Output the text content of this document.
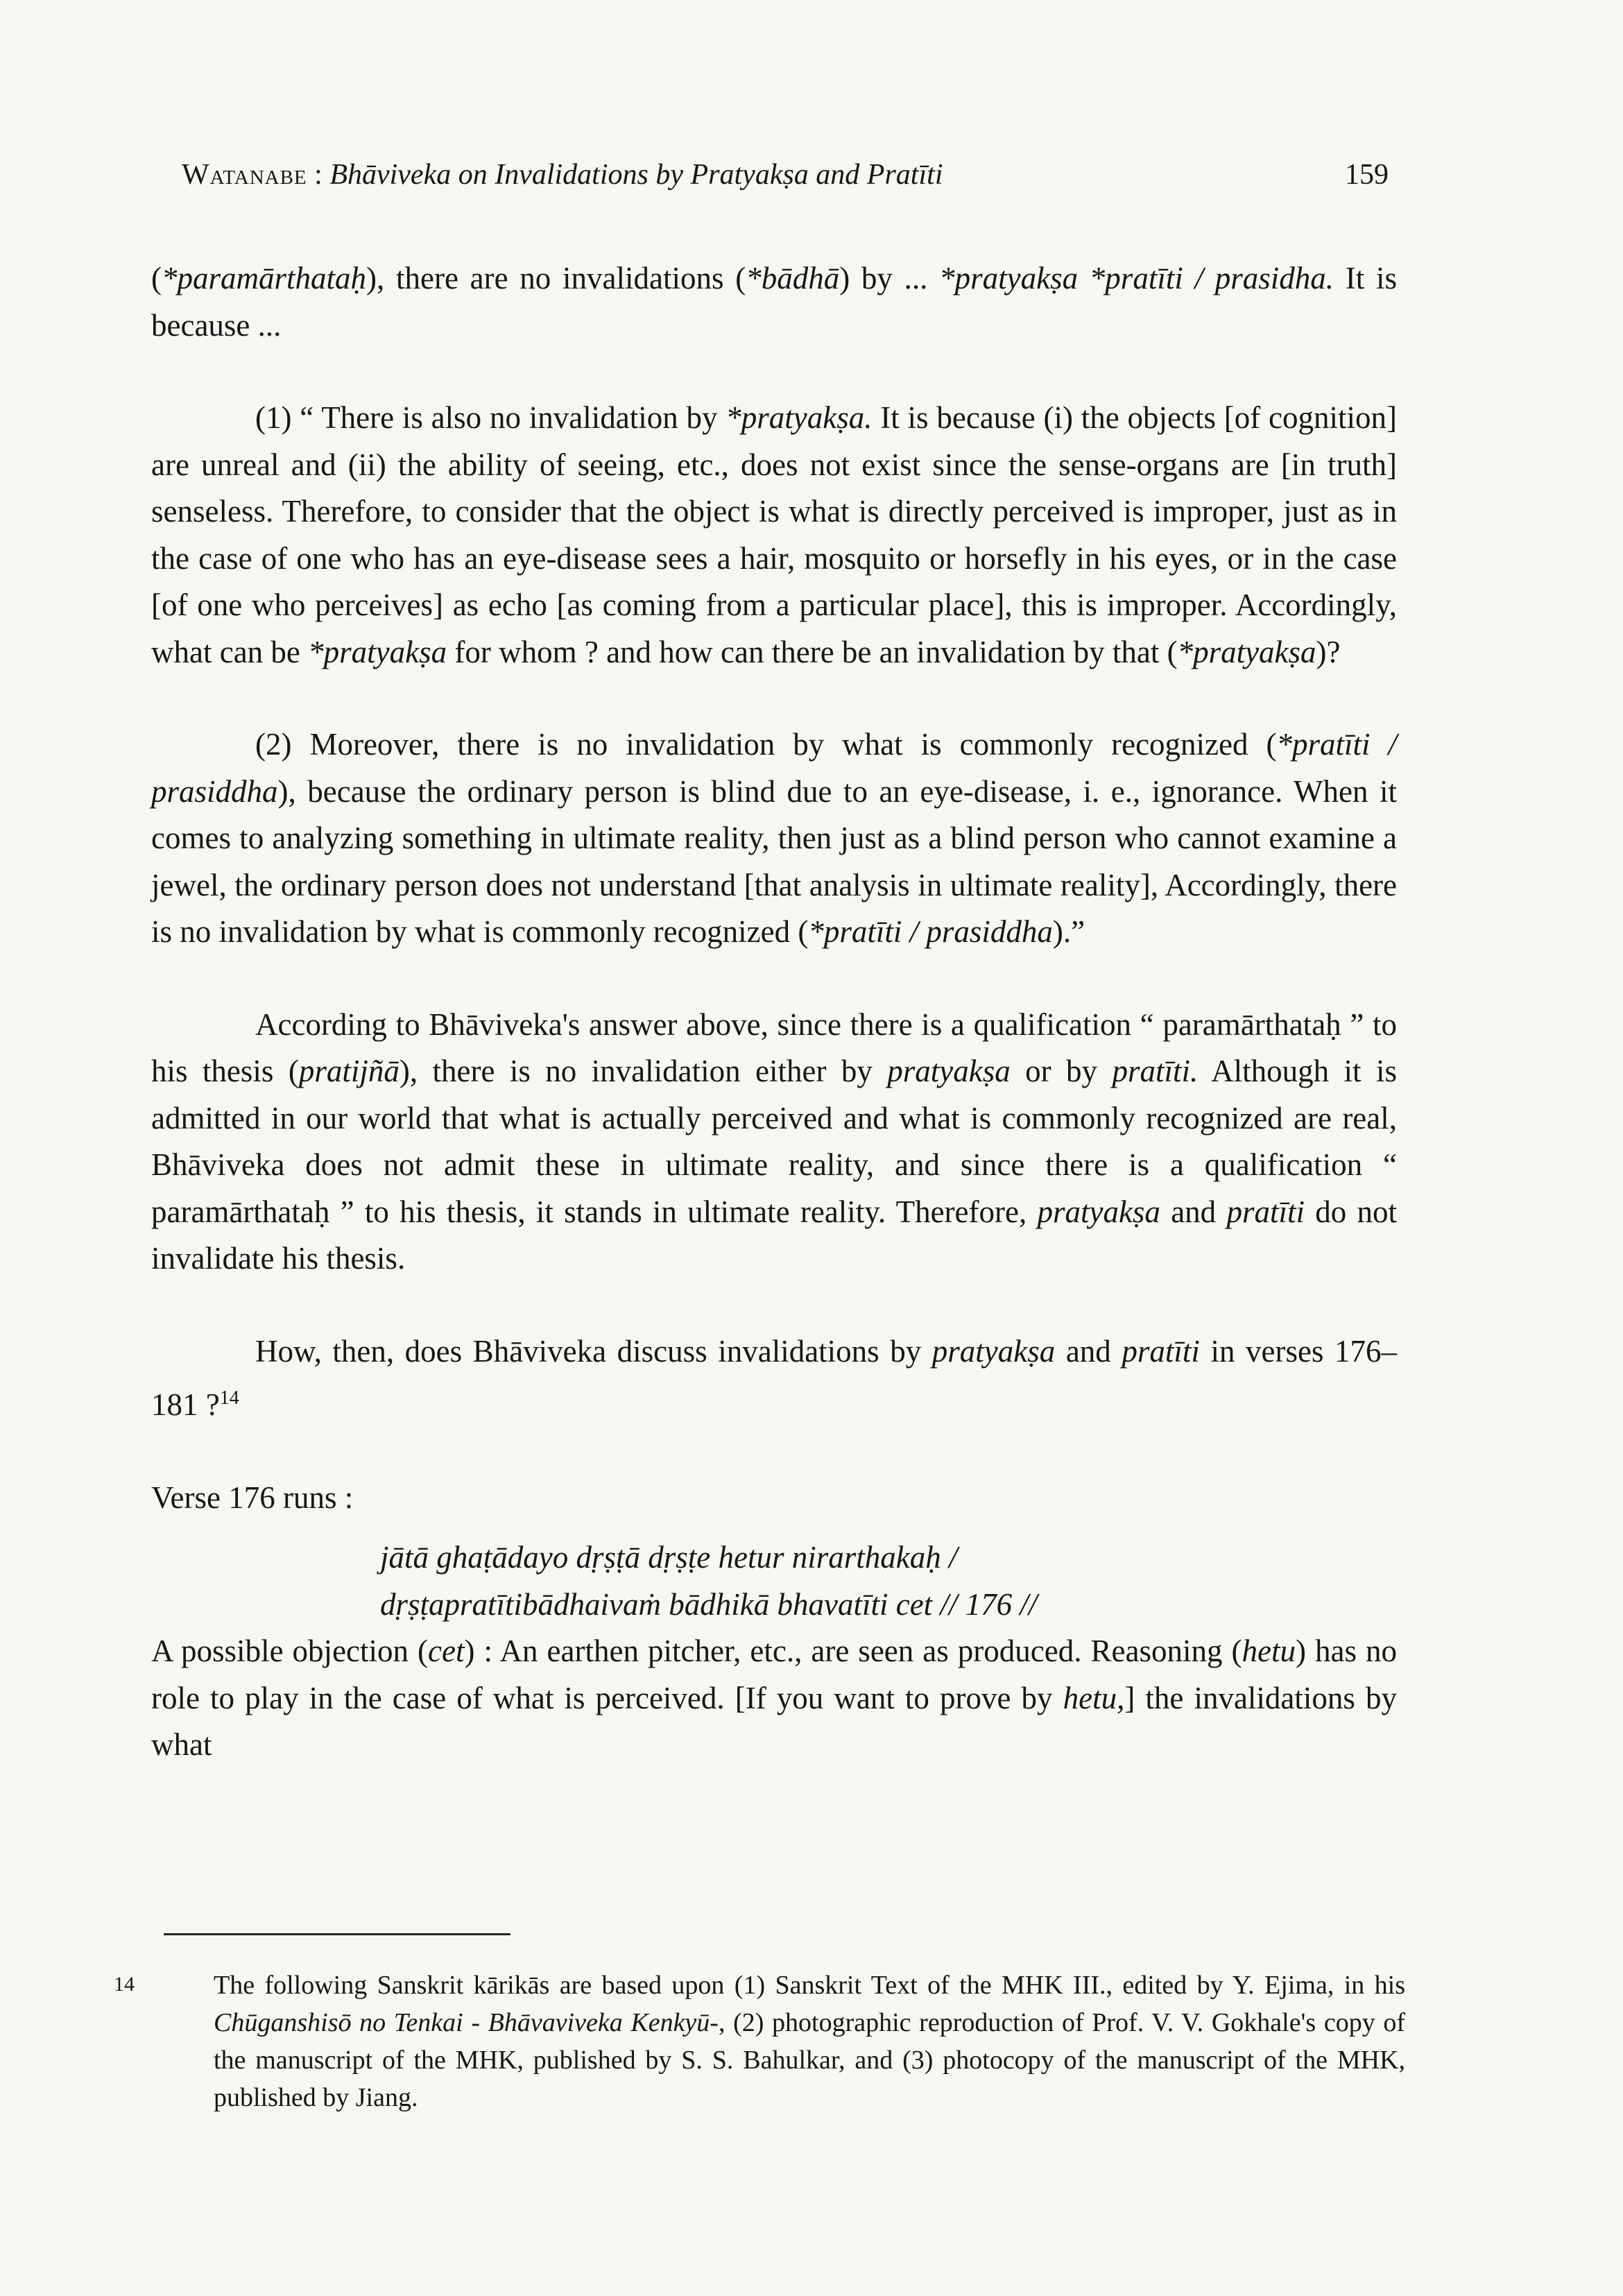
Watanabe : Bhāviveka on Invalidations by Pratyakṣa and Pratīti	159

(*paramārthataḥ), there are no invalidations (*bādhā) by ... *pratyakṣa *pratīti / prasidha. It is because ...

(1) “ There is also no invalidation by *pratyakṣa. It is because (i) the objects [of cognition] are unreal and (ii) the ability of seeing, etc., does not exist since the sense-organs are [in truth] senseless. Therefore, to consider that the object is what is directly perceived is improper, just as in the case of one who has an eye-disease sees a hair, mosquito or horsefly in his eyes, or in the case [of one who perceives] as echo [as coming from a particular place], this is improper. Accordingly, what can be *pratyakṣa for whom ? and how can there be an invalidation by that (*pratyakṣa)?

(2) Moreover, there is no invalidation by what is commonly recognized (*pratīti / prasiddha), because the ordinary person is blind due to an eye-disease, i. e., ignorance. When it comes to analyzing something in ultimate reality, then just as a blind person who cannot examine a jewel, the ordinary person does not understand [that analysis in ultimate reality], Accordingly, there is no invalidation by what is commonly recognized (*pratīti / prasiddha).”

According to Bhāviveka's answer above, since there is a qualification “ paramārthataḥ ” to his thesis (pratijñā), there is no invalidation either by pratyakṣa or by pratīti. Although it is admitted in our world that what is actually perceived and what is commonly recognized are real, Bhāviveka does not admit these in ultimate reality, and since there is a qualification “ paramārthataḥ ” to his thesis, it stands in ultimate reality. Therefore, pratyakṣa and pratīti do not invalidate his thesis.

How, then, does Bhāviveka discuss invalidations by pratyakṣa and pratīti in verses 176–181 ?$^{14}$

Verse 176 runs :

jātā ghaṭādayo dṛṣṭā dṛṣṭe hetur nirarthakaḥ /
dṛṣṭapratītibādhaivaṁ bādhikā bhavatīti cet // 176 //

A possible objection (cet) : An earthen pitcher, etc., are seen as produced. Reasoning (hetu) has no role to play in the case of what is perceived. [If you want to prove by hetu,] the invalidations by what

14	The following Sanskrit kārikās are based upon (1) Sanskrit Text of the MHK III., edited by Y. Ejima, in his Chūganshisō no Tenkai - Bhāvaviveka Kenkyū-, (2) photographic reproduction of Prof. V. V. Gokhale's copy of the manuscript of the MHK, published by S. S. Bahulkar, and (3) photocopy of the manuscript of the MHK, published by Jiang.
